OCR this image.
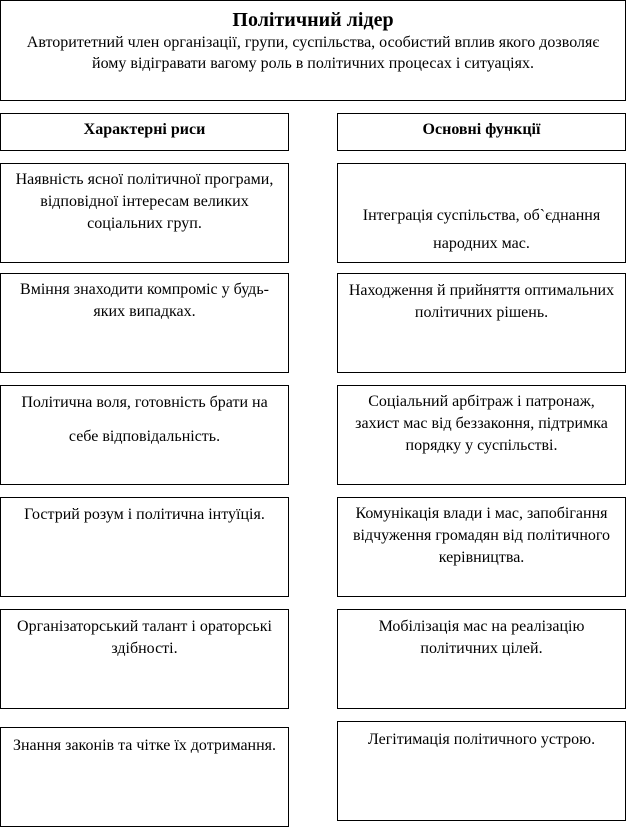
Політичний лідер
Авторитетний член організації, групи, суспільства, особистий вплив якого дозволяє йому відігравати вагому роль в політичних процесах і ситуаціях.
Характерні риси	Основні функції
Наявність ясної політичної програми, відповідної інтересам великих соціальних груп.
Вміння знаходити компроміс у будь-яких випадках.
Політична воля, готовність брати на себе відповідальність.
Гострий розум і політична інтуїція.
Організаторський талант і ораторські здібності.
Знання законів та чітке їх дотримання.
Інтеграція суспільства, об`єднання народних мас.
Находження й прийняття оптимальних політичних рішень.
Соціальний арбітраж і патронаж, захист мас від беззаконня, підтримка порядку у суспільстві.
Комунікація влади і мас, запобігання відчуження громадян від політичного керівництва.
Мобілізація мас на реалізацію політичних цілей.
Легітимація політичного устрою.
